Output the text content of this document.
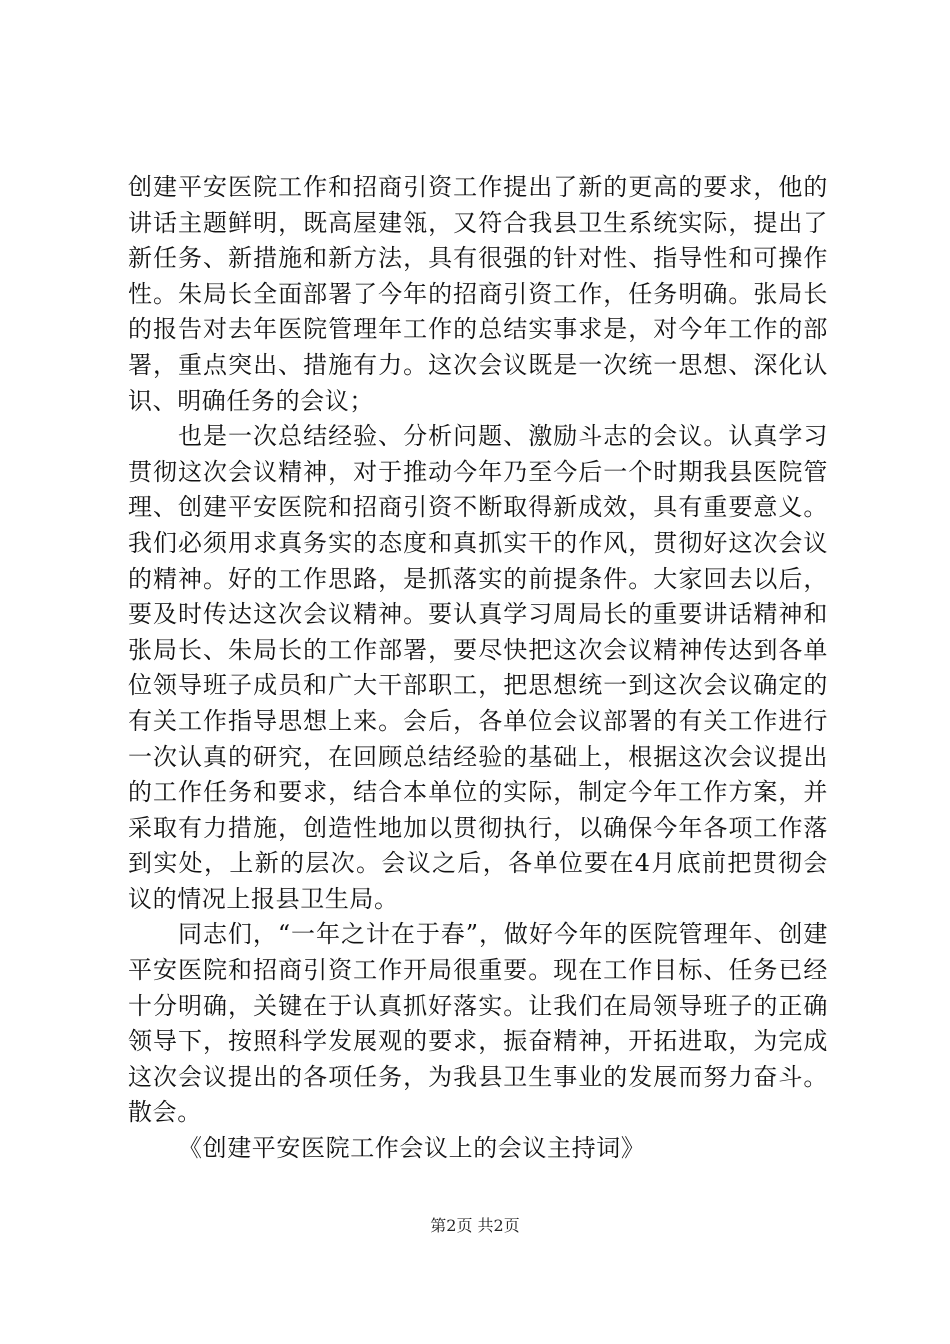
创建平安医院工作和招商引资工作提出了新的更高的要求，他的讲话主题鲜明，既高屋建瓴，又符合我县卫生系统实际，提出了新任务、新措施和新方法，具有很强的针对性、指导性和可操作性。朱局长全面部署了今年的招商引资工作，任务明确。张局长的报告对去年医院管理年工作的总结实事求是，对今年工作的部署，重点突出、措施有力。这次会议既是一次统一思想、深化认识、明确任务的会议；

也是一次总结经验、分析问题、激励斗志的会议。认真学习贯彻这次会议精神，对于推动今年乃至今后一个时期我县医院管理、创建平安医院和招商引资不断取得新成效，具有重要意义。我们必须用求真务实的态度和真抓实干的作风，贯彻好这次会议的精神。好的工作思路，是抓落实的前提条件。大家回去以后，要及时传达这次会议精神。要认真学习周局长的重要讲话精神和张局长、朱局长的工作部署，要尽快把这次会议精神传达到各单位领导班子成员和广大干部职工，把思想统一到这次会议确定的有关工作指导思想上来。会后，各单位会议部署的有关工作进行一次认真的研究，在回顾总结经验的基础上，根据这次会议提出的工作任务和要求，结合本单位的实际，制定今年工作方案，并采取有力措施，创造性地加以贯彻执行，以确保今年各项工作落到实处，上新的层次。会议之后，各单位要在4月底前把贯彻会议的情况上报县卫生局。

同志们，“一年之计在于春”，做好今年的医院管理年、创建平安医院和招商引资工作开局很重要。现在工作目标、任务已经十分明确，关键在于认真抓好落实。让我们在局领导班子的正确领导下，按照科学发展观的要求，振奋精神，开拓进取，为完成这次会议提出的各项任务，为我县卫生事业的发展而努力奋斗。散会。

《创建平安医院工作会议上的会议主持词》

第2页 共2页
